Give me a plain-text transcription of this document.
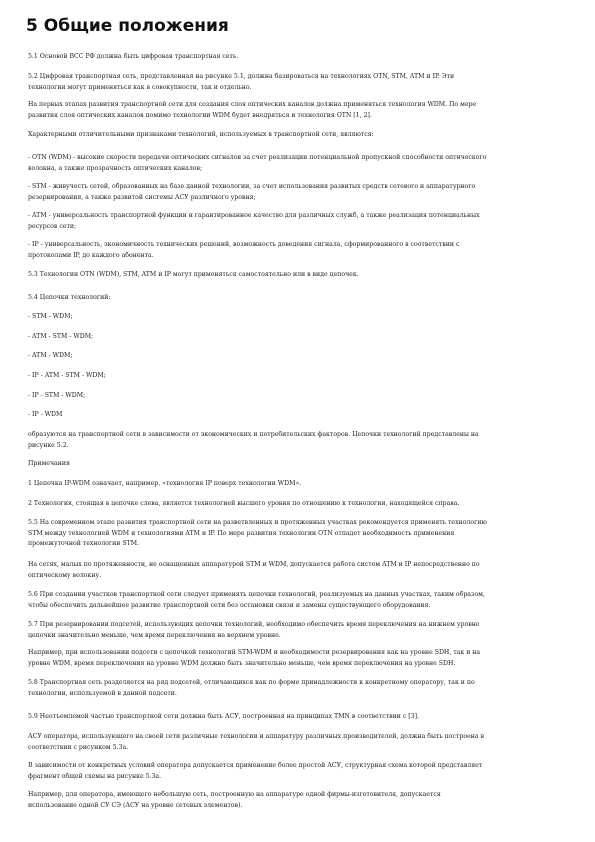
5 Общие положения
5.1 Основой ВСС РФ должна быть цифровая транспортная сеть.
5.2 Цифровая транспортная сеть, представленная на рисунке 5.1, должна базироваться на технологиях OTN, STM, ATM и IP. Эти
технологии могут применяться как в совокупности, так и отдельно.
На первых этапах развития транспортной сети для создания слоя оптических каналов должна применяться технология WDM. По мере
развития слоя оптических каналов помимо технологии WDM будет внедряться и технология OTN [1, 2].
Характерными отличительными признаками технологий, используемых в транспортной сети, являются:
- OTN (WDM) - высокие скорости передачи оптических сигналов за счет реализации потенциальной пропускной способности оптического
волокна, а также прозрачность оптических каналов;
- STM - живучесть сетей, образованных на базе данной технологии, за счет использования развитых средств сетевого и аппаратурного
резервирования, а также развитой системы АСУ различного уровня;
- ATM - универсальность транспортной функции и гарантированное качество для различных служб, а также реализация потенциальных
ресурсов сети;
- IP - универсальность, экономичность технических решений, возможность доведения сигнала, сформированного в соответствии с
протоколами IP, до каждого абонента.
5.3 Технологии OTN (WDM), STM, ATM и IP могут применяться самостоятельно или в виде цепочек.
5.4 Цепочки технологий:
- STM - WDM;
- ATM - STM - WDM;
- ATM - WDM;
- IP - ATM - STM - WDM;
- IP - STM - WDM;
- IP - WDM
образуются на транспортной сети в зависимости от экономических и потребительских факторов. Цепочки технологий представлены на
рисунке 5.2.
Примечания
1 Цепочка IP-WDM означает, например, «технология IP поверх технологии WDM».
2 Технология, стоящая в цепочке слева, является технологией высшего уровня по отношению к технологии, находящейся справа.
5.5 На современном этапе развития транспортной сети на разветвленных и протяженных участках рекомендуется применять технологию
STM между технологией WDM и технологиями ATM и IP. По мере развития технологии OTN отпадет необходимость применения
промежуточной технологии STM.
На сетях, малых по протяженности, не оснащенных аппаратурой STM и WDM, допускается работа систем ATM и IP непосредственно по
оптическому волокну.
5.6 При создании участков транспортной сети следует применять цепочки технологий, реализуемых на данных участках, таким образом,
чтобы обеспечить дальнейшее развитие транспортной сети без остановки связи и замены существующего оборудования.
5.7 При резервировании подсетей, использующих цепочки технологий, необходимо обеспечить время переключения на нижнем уровне
цепочки значительно меньше, чем время переключения на верхнем уровне.
Например, при использовании подсети с цепочкой технологий STM-WDM и необходимости резервирования как на уровне SDH, так и на
уровне WDM, время переключения на уровне WDM должно быть значительно меньше, чем время переключения на уровне SDH.
5.8 Транспортная сеть разделяется на ряд подсетей, отличающихся как по форме принадлежности к конкретному оператору, так и по
технологии, используемой в данной подсети.
5.9 Неотъемлемой частью транспортной сети должна быть АСУ, построенная на принципах TMN в соответствии с [3].
АСУ оператора, использующего на своей сети различные технологии и аппаратуру различных производителей, должна быть построена в
соответствии с рисунком 5.3а.
В зависимости от конкретных условий оператора допускается применение более простой АСУ, структурная схема которой представляет
фрагмент общей схемы на рисунке 5.3а.
Например, для оператора, имеющего небольшую сеть, построенную на аппаратуре одной фирмы-изготовителя, допускается
использование одной СУ СЭ (АСУ на уровне сетевых элементов).
